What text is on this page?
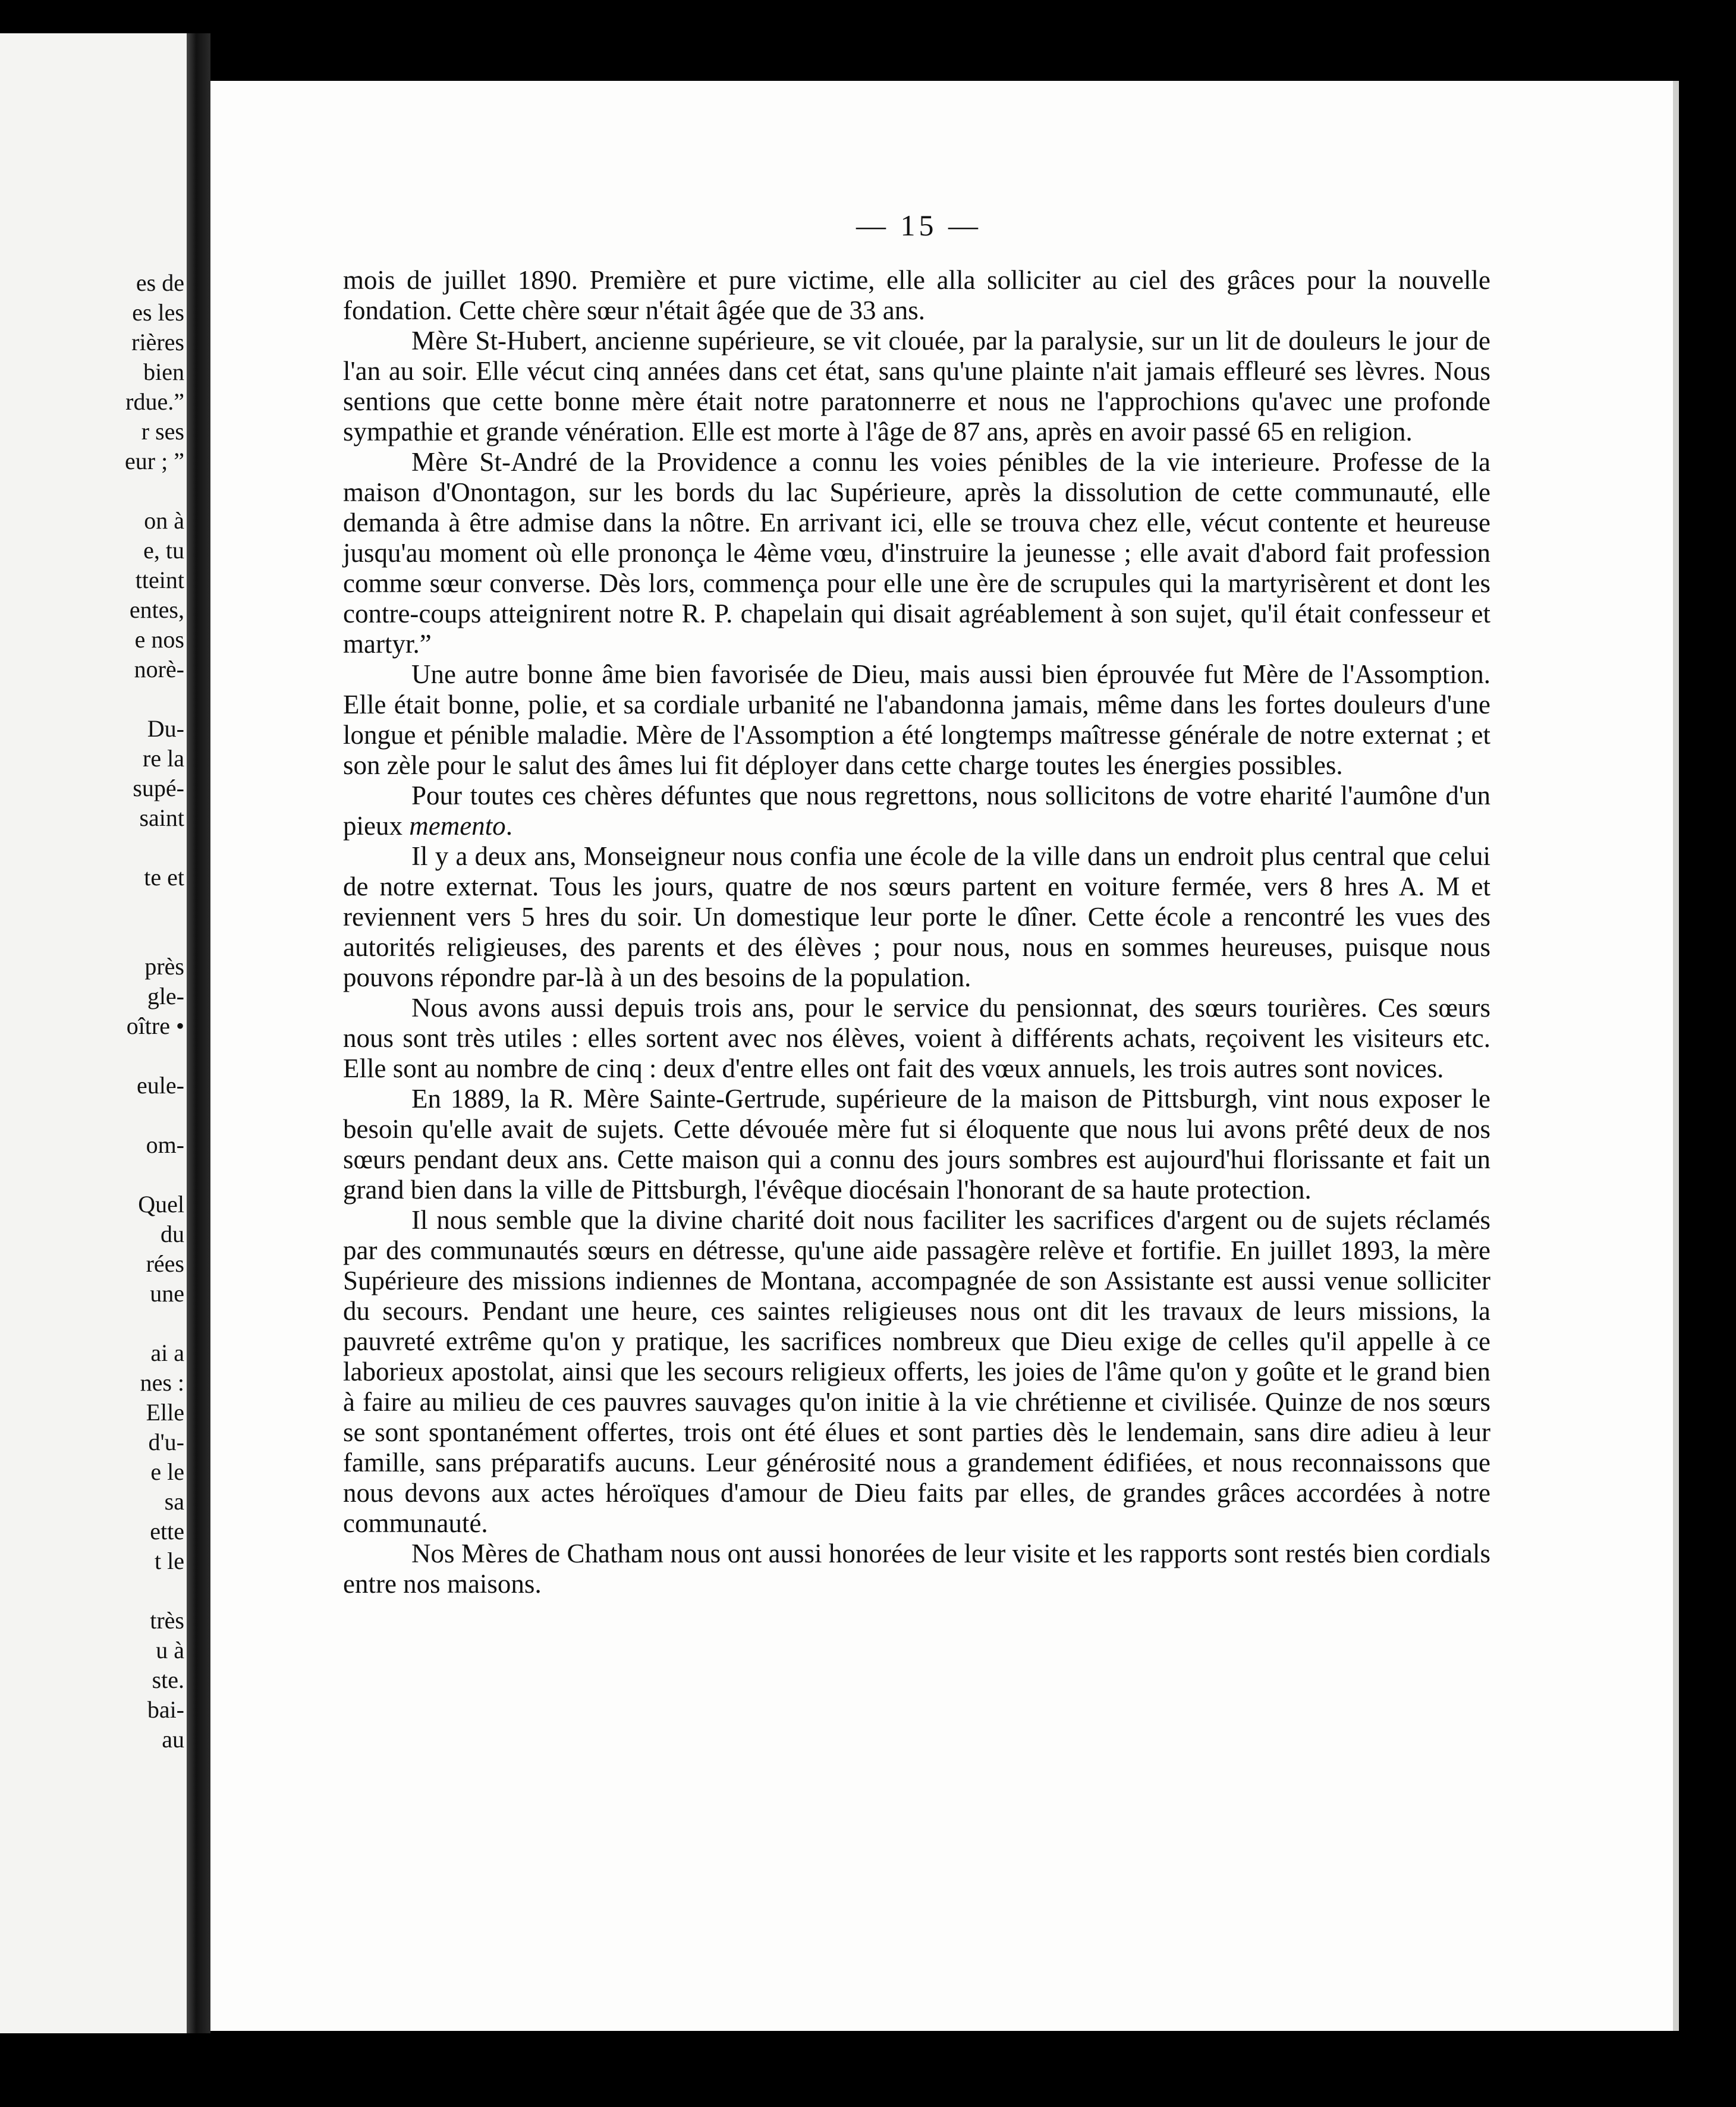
es de
es les
rières
bien
rdue.”
r ses
eur ; ”
on à
e, tu
tteint
entes,
e nos
norè-
Du-
re la
supé-
saint
te et
près
gle-
oître •
eule-
om-
Quel
du
rées
une
ai a
nes :
Elle
d'u-
e le
sa
ette
t le
très
u à
ste.
bai-
au
— 15 —

mois de juillet 1890. Première et pure victime, elle alla solliciter au ciel des grâces pour la nouvelle fondation. Cette chère sœur n'était âgée que de 33 ans.

Mère St-Hubert, ancienne supérieure, se vit clouée, par la paralysie, sur un lit de douleurs le jour de l'an au soir. Elle vécut cinq années dans cet état, sans qu'une plainte n'ait jamais effleuré ses lèvres. Nous sentions que cette bonne mère était notre paratonnerre et nous ne l'approchions qu'avec une profonde sympathie et grande vénération. Elle est morte à l'âge de 87 ans, après en avoir passé 65 en religion.

Mère St-André de la Providence a connu les voies pénibles de la vie interieure. Professe de la maison d'Onontagon, sur les bords du lac Supérieure, après la dissolution de cette communauté, elle demanda à être admise dans la nôtre. En arrivant ici, elle se trouva chez elle, vécut contente et heureuse jusqu'au moment où elle prononça le 4ème vœu, d'instruire la jeunesse ; elle avait d'abord fait profession comme sœur converse. Dès lors, commença pour elle une ère de scrupules qui la martyrisèrent et dont les contre-coups atteignirent notre R. P. chapelain qui disait agréablement à son sujet, qu'il était confesseur et martyr.”

Une autre bonne âme bien favorisée de Dieu, mais aussi bien éprouvée fut Mère de l'Assomption. Elle était bonne, polie, et sa cordiale urbanité ne l'abandonna jamais, même dans les fortes douleurs d'une longue et pénible maladie. Mère de l'Assomption a été longtemps maîtresse générale de notre externat ; et son zèle pour le salut des âmes lui fit déployer dans cette charge toutes les énergies possibles.

Pour toutes ces chères défuntes que nous regrettons, nous sollicitons de votre eharité l'aumône d'un pieux memento.

Il y a deux ans, Monseigneur nous confia une école de la ville dans un endroit plus central que celui de notre externat. Tous les jours, quatre de nos sœurs partent en voiture fermée, vers 8 hres A. M et reviennent vers 5 hres du soir. Un domestique leur porte le dîner. Cette école a rencontré les vues des autorités religieuses, des parents et des élèves ; pour nous, nous en sommes heureuses, puisque nous pouvons répondre par-là à un des besoins de la population.

Nous avons aussi depuis trois ans, pour le service du pensionnat, des sœurs tourières. Ces sœurs nous sont très utiles : elles sortent avec nos élèves, voient à différents achats, reçoivent les visiteurs etc. Elle sont au nombre de cinq : deux d'entre elles ont fait des vœux annuels, les trois autres sont novices.

En 1889, la R. Mère Sainte-Gertrude, supérieure de la maison de Pittsburgh, vint nous exposer le besoin qu'elle avait de sujets. Cette dévouée mère fut si éloquente que nous lui avons prêté deux de nos sœurs pendant deux ans. Cette maison qui a connu des jours sombres est aujourd'hui florissante et fait un grand bien dans la ville de Pittsburgh, l'évêque diocésain l'honorant de sa haute protection.

Il nous semble que la divine charité doit nous faciliter les sacrifices d'argent ou de sujets réclamés par des communautés sœurs en détresse, qu'une aide passagère relève et fortifie. En juillet 1893, la mère Supérieure des missions indiennes de Montana, accompagnée de son Assistante est aussi venue solliciter du secours. Pendant une heure, ces saintes religieuses nous ont dit les travaux de leurs missions, la pauvreté extrême qu'on y pratique, les sacrifices nombreux que Dieu exige de celles qu'il appelle à ce laborieux apostolat, ainsi que les secours religieux offerts, les joies de l'âme qu'on y goûte et le grand bien à faire au milieu de ces pauvres sauvages qu'on initie à la vie chrétienne et civilisée. Quinze de nos sœurs se sont spontanément offertes, trois ont été élues et sont parties dès le lendemain, sans dire adieu à leur famille, sans préparatifs aucuns. Leur générosité nous a grandement édifiées, et nous reconnaissons que nous devons aux actes héroïques d'amour de Dieu faits par elles, de grandes grâces accordées à notre communauté.

Nos Mères de Chatham nous ont aussi honorées de leur visite et les rapports sont restés bien cordials entre nos maisons.
